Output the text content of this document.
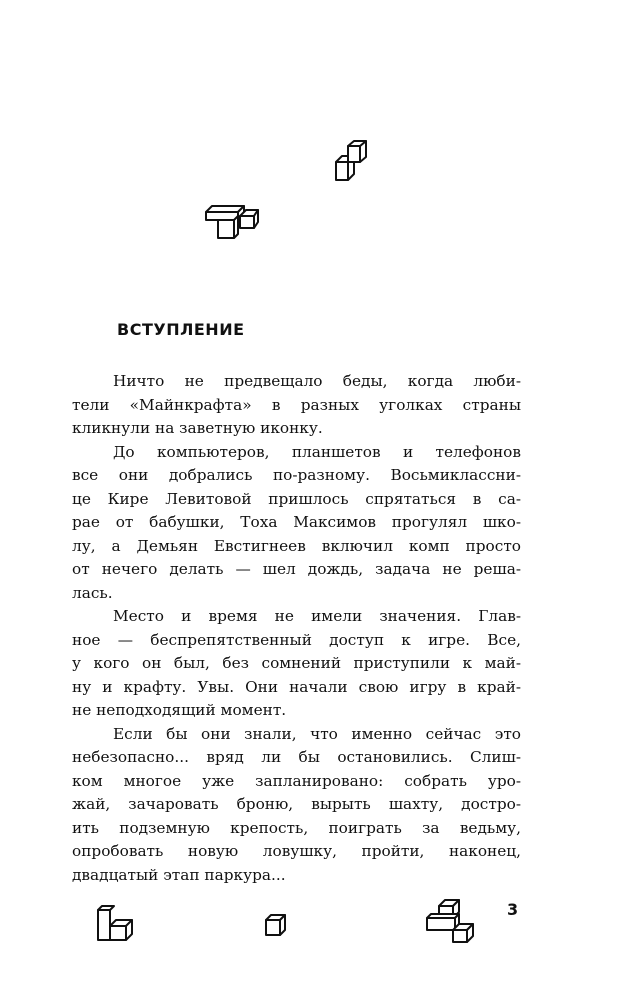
ВСТУПЛЕНИЕ
Ничто не предвещало беды, когда люби-
тели «Майнкрафта» в разных уголках страны
кликнули на заветную иконку.
До компьютеров, планшетов и телефонов
все они добрались по-разному. Восьмиклассни-
це Кире Левитовой пришлось спрятаться в са-
рае от бабушки, Тоха Максимов прогулял шко-
лу, а Демьян Евстигнеев включил комп просто
от нечего делать — шел дождь, задача не реша-
лась.
Место и время не имели значения. Глав-
ное — беспрепятственный доступ к игре. Все,
у кого он был, без сомнений приступили к май-
ну и крафту. Увы. Они начали свою игру в край-
не неподходящий момент.
Если бы они знали, что именно сейчас это
небезопасно... вряд ли бы остановились. Слиш-
ком многое уже запланировано: собрать уро-
жай, зачаровать броню, вырыть шахту, достро-
ить подземную крепость, поиграть за ведьму,
опробовать новую ловушку, пройти, наконец,
двадцатый этап паркура...
3
